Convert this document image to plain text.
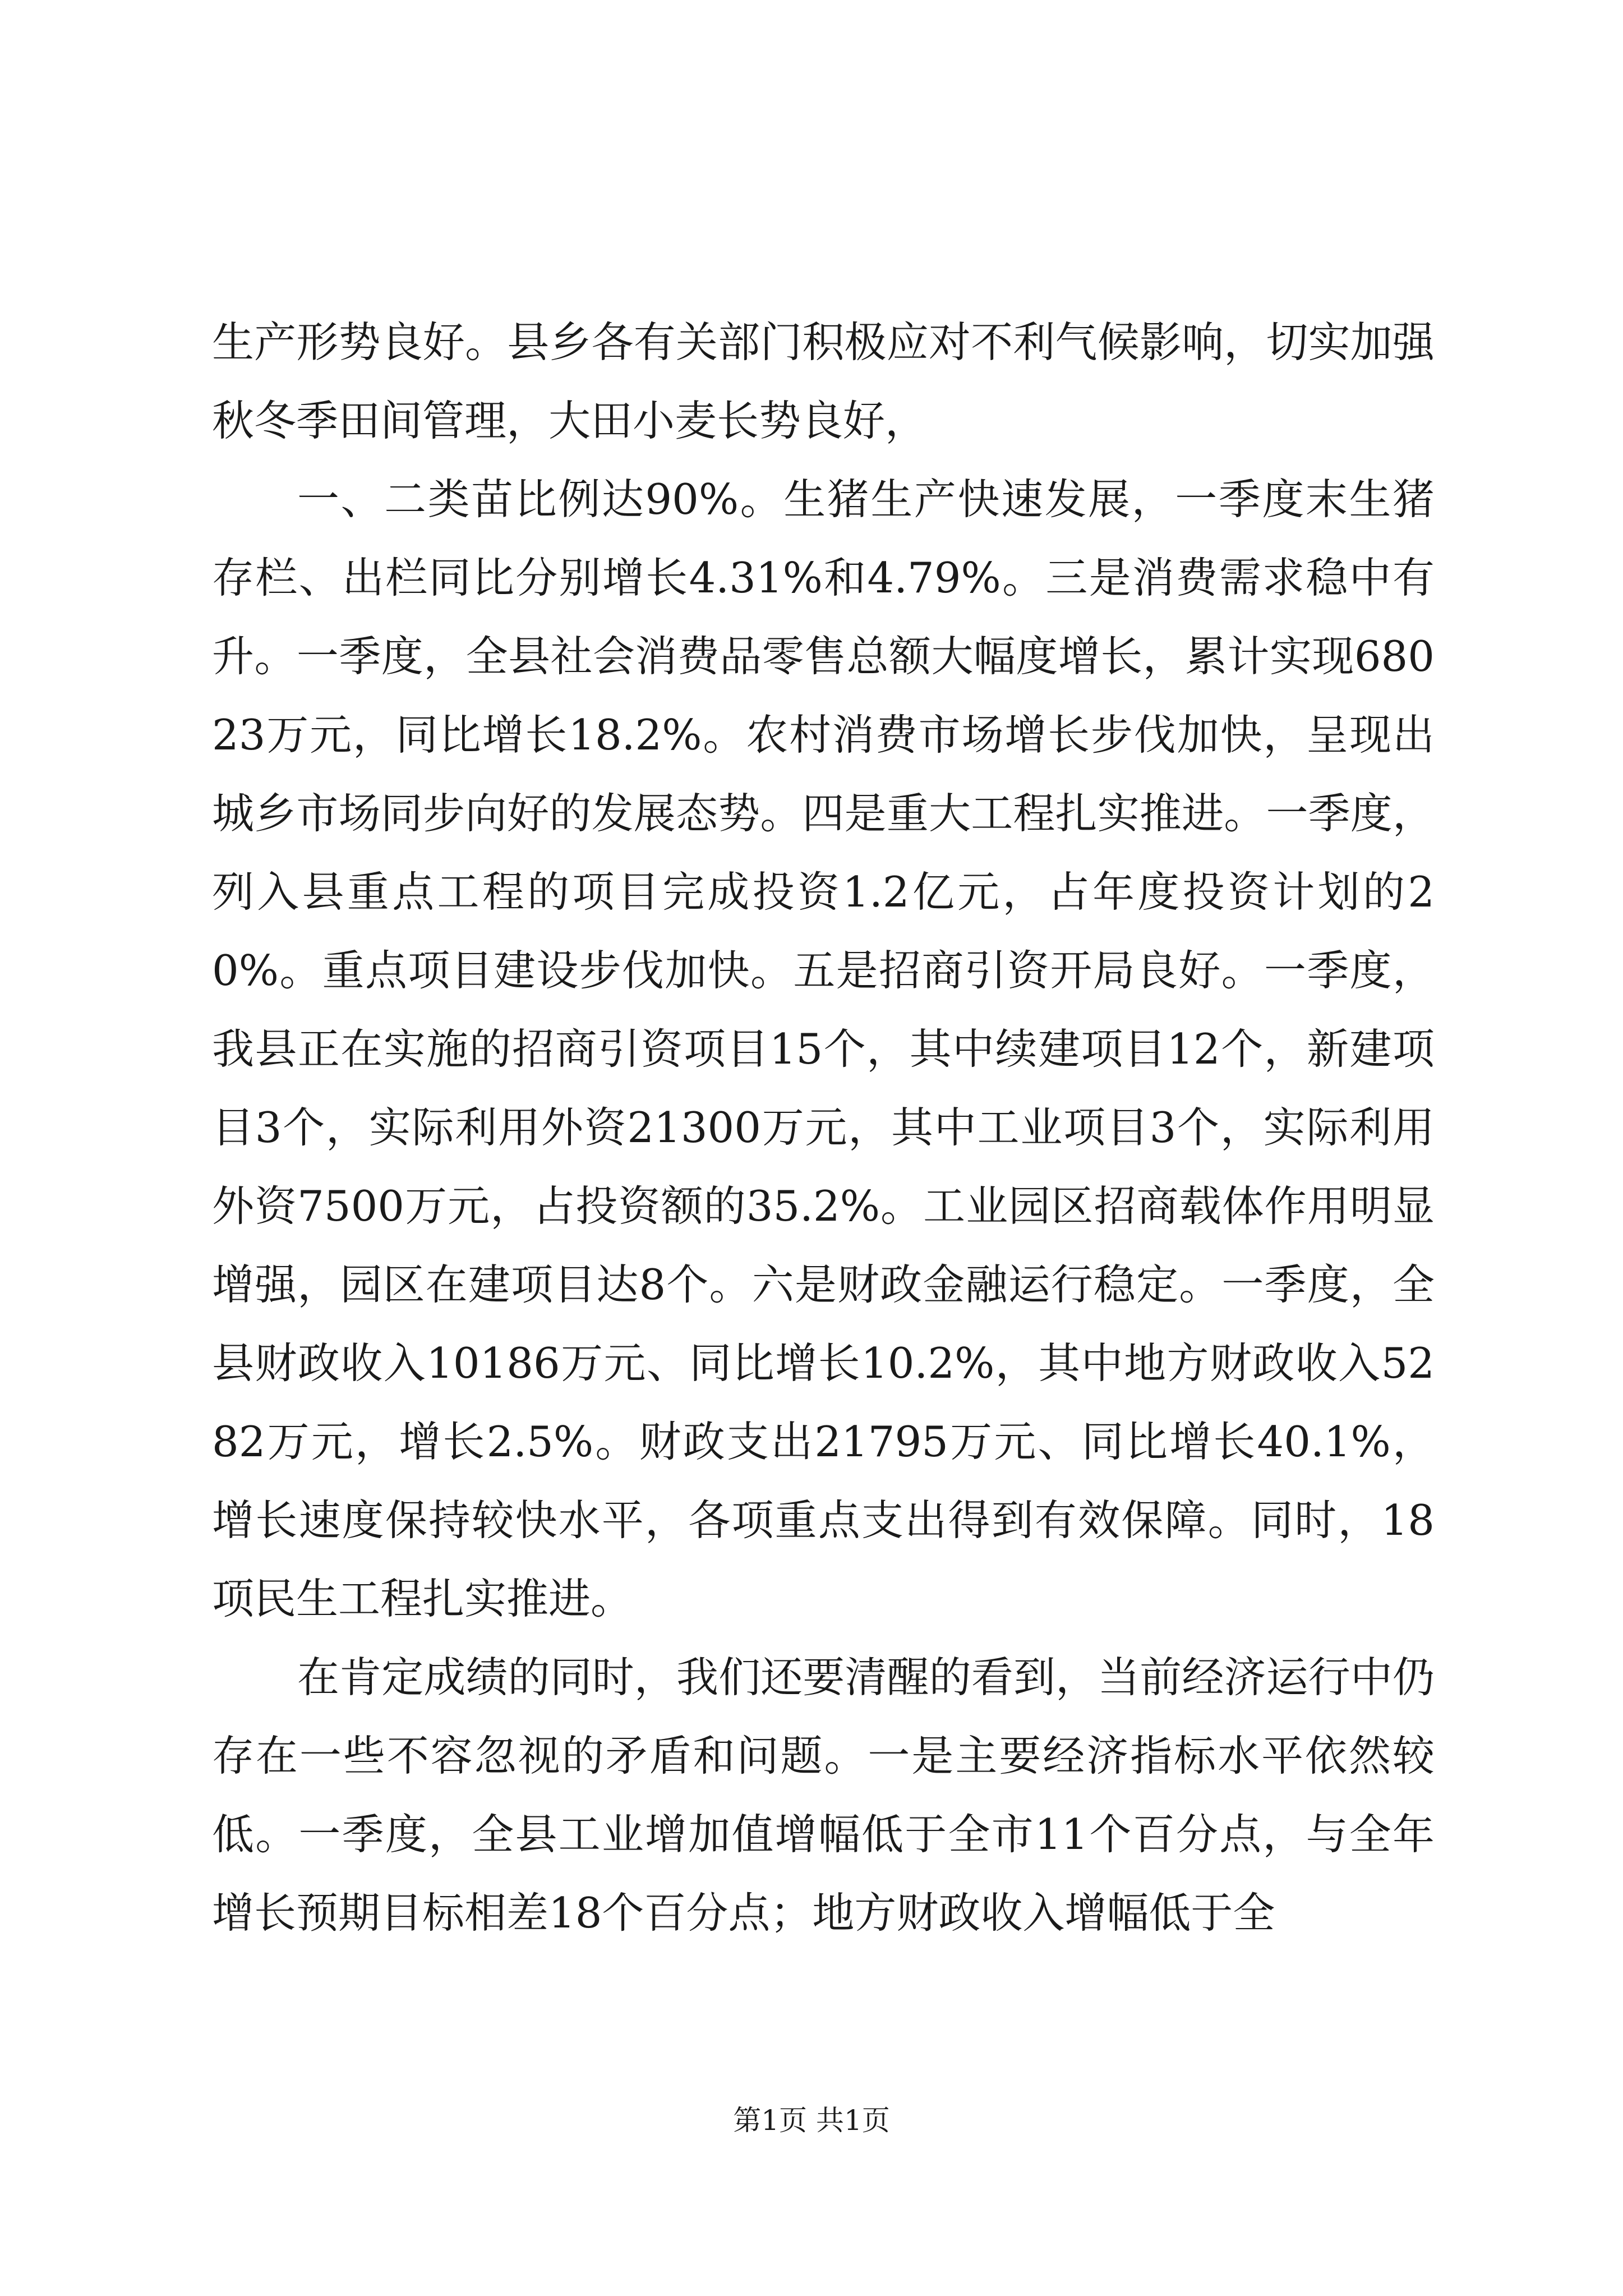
生产形势良好。县乡各有关部门积极应对不利气候影响，切实加强秋冬季田间管理，大田小麦长势良好，

一、二类苗比例达90%。生猪生产快速发展，一季度末生猪存栏、出栏同比分别增长4.31%和4.79%。三是消费需求稳中有升。一季度，全县社会消费品零售总额大幅度增长，累计实现68023万元，同比增长18.2%。农村消费市场增长步伐加快，呈现出城乡市场同步向好的发展态势。四是重大工程扎实推进。一季度，列入县重点工程的项目完成投资1.2亿元，占年度投资计划的20%。重点项目建设步伐加快。五是招商引资开局良好。一季度，我县正在实施的招商引资项目15个，其中续建项目12个，新建项目3个，实际利用外资21300万元，其中工业项目3个，实际利用外资7500万元，占投资额的35.2%。工业园区招商载体作用明显增强，园区在建项目达8个。六是财政金融运行稳定。一季度，全县财政收入10186万元、同比增长10.2%，其中地方财政收入5282万元，增长2.5%。财政支出21795万元、同比增长40.1%，增长速度保持较快水平，各项重点支出得到有效保障。同时，18项民生工程扎实推进。

在肯定成绩的同时，我们还要清醒的看到，当前经济运行中仍存在一些不容忽视的矛盾和问题。一是主要经济指标水平依然较低。一季度，全县工业增加值增幅低于全市11个百分点，与全年增长预期目标相差18个百分点；地方财政收入增幅低于全

第1页 共1页
